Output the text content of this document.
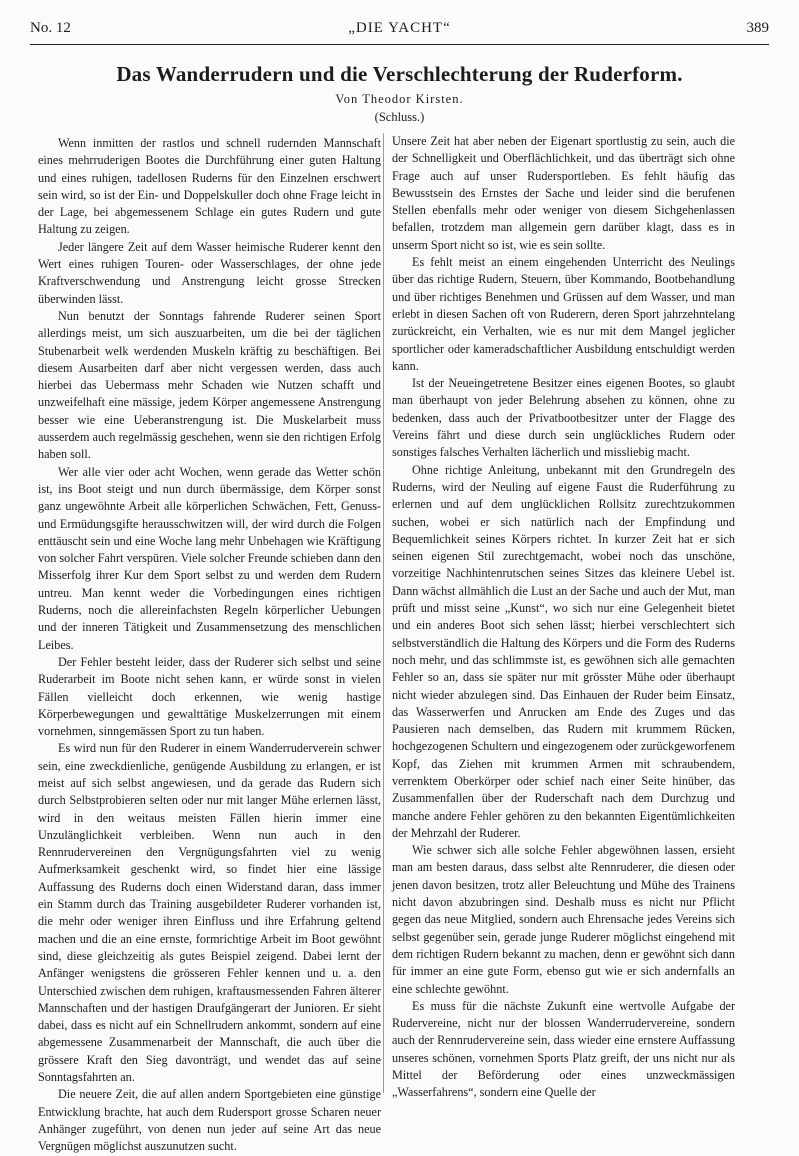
No. 12	„DIE YACHT“	389
Das Wanderrudern und die Verschlechterung der Ruderform.
Von Theodor Kirsten.
(Schluss.)

Wenn inmitten der rastlos und schnell rudernden Mannschaft eines mehrruderigen Bootes die Durchführung einer guten Haltung und eines ruhigen, tadellosen Ruderns für den Einzelnen erschwert sein wird, so ist der Ein- und Doppelskuller doch ohne Frage leicht in der Lage, bei abgemessenem Schlage ein gutes Rudern und gute Haltung zu zeigen.

Jeder längere Zeit auf dem Wasser heimische Ruderer kennt den Wert eines ruhigen Touren- oder Wasserschlages, der ohne jede Kraftverschwendung und Anstrengung leicht grosse Strecken überwinden lässt.

Nun benutzt der Sonntags fahrende Ruderer seinen Sport allerdings meist, um sich auszuarbeiten, um die bei der täglichen Stubenarbeit welk werdenden Muskeln kräftig zu beschäftigen. Bei diesem Ausarbeiten darf aber nicht vergessen werden, dass auch hierbei das Uebermass mehr Schaden wie Nutzen schafft und unzweifelhaft eine mässige, jedem Körper angemessene Anstrengung besser wie eine Ueberanstrengung ist. Die Muskelarbeit muss ausserdem auch regelmässig geschehen, wenn sie den richtigen Erfolg haben soll.

Wer alle vier oder acht Wochen, wenn gerade das Wetter schön ist, ins Boot steigt und nun durch übermässige, dem Körper sonst ganz ungewöhnte Arbeit alle körperlichen Schwächen, Fett, Genuss- und Ermüdungsgifte herausschwitzen will, der wird durch die Folgen enttäuscht sein und eine Woche lang mehr Unbehagen wie Kräftigung von solcher Fahrt verspüren. Viele solcher Freunde schieben dann den Misserfolg ihrer Kur dem Sport selbst zu und werden dem Rudern untreu. Man kennt weder die Vorbedingungen eines richtigen Ruderns, noch die allereinfachsten Regeln körperlicher Uebungen und der inneren Tätigkeit und Zusammensetzung des menschlichen Leibes.

Der Fehler besteht leider, dass der Ruderer sich selbst und seine Ruderarbeit im Boote nicht sehen kann, er würde sonst in vielen Fällen vielleicht doch erkennen, wie wenig hastige Körperbewegungen und gewalttätige Muskelzerrungen mit einem vornehmen, sinngemässen Sport zu tun haben.

Es wird nun für den Ruderer in einem Wanderruderverein schwer sein, eine zweckdienliche, genügende Ausbildung zu erlangen, er ist meist auf sich selbst angewiesen, und da gerade das Rudern sich durch Selbstprobieren selten oder nur mit langer Mühe erlernen lässt, wird in den weitaus meisten Fällen hierin immer eine Unzulänglichkeit verbleiben. Wenn nun auch in den Rennrudervereinen den Vergnügungsfahrten viel zu wenig Aufmerksamkeit geschenkt wird, so findet hier eine lässige Auffassung des Ruderns doch einen Widerstand daran, dass immer ein Stamm durch das Training ausgebildeter Ruderer vorhanden ist, die mehr oder weniger ihren Einfluss und ihre Erfahrung geltend machen und die an eine ernste, formrichtige Arbeit im Boot gewöhnt sind, diese gleichzeitig als gutes Beispiel zeigend. Dabei lernt der Anfänger wenigstens die grösseren Fehler kennen und u. a. den Unterschied zwischen dem ruhigen, kraftausmessenden Fahren älterer Mannschaften und der hastigen Draufgängerart der Junioren. Er sieht dabei, dass es nicht auf ein Schnellrudern ankommt, sondern auf eine abgemessene Zusammenarbeit der Mannschaft, die auch über die grössere Kraft den Sieg davonträgt, und wendet das auf seine Sonntagsfahrten an.

Die neuere Zeit, die auf allen andern Sportgebieten eine günstige Entwicklung brachte, hat auch dem Rudersport grosse Scharen neuer Anhänger zugeführt, von denen nun jeder auf seine Art das neue Vergnügen möglichst auszunutzen sucht.

Unsere Zeit hat aber neben der Eigenart sportlustig zu sein, auch die der Schnelligkeit und Oberflächlichkeit, und das überträgt sich ohne Frage auch auf unser Rudersportleben. Es fehlt häufig das Bewusstsein des Ernstes der Sache und leider sind die berufenen Stellen ebenfalls mehr oder weniger von diesem Sichgehenlassen befallen, trotzdem man allgemein gern darüber klagt, dass es in unserm Sport nicht so ist, wie es sein sollte.

Es fehlt meist an einem eingehenden Unterricht des Neulings über das richtige Rudern, Steuern, über Kommando, Bootbehandlung und über richtiges Benehmen und Grüssen auf dem Wasser, und man erlebt in diesen Sachen oft von Ruderern, deren Sport jahrzehntelang zurückreicht, ein Verhalten, wie es nur mit dem Mangel jeglicher sportlicher oder kameradschaftlicher Ausbildung entschuldigt werden kann.

Ist der Neueingetretene Besitzer eines eigenen Bootes, so glaubt man überhaupt von jeder Belehrung absehen zu können, ohne zu bedenken, dass auch der Privatbootbesitzer unter der Flagge des Vereins fährt und diese durch sein unglückliches Rudern oder sonstiges falsches Verhalten lächerlich und missliebig macht.

Ohne richtige Anleitung, unbekannt mit den Grundregeln des Ruderns, wird der Neuling auf eigene Faust die Ruderführung zu erlernen und auf dem unglücklichen Rollsitz zurechtzukommen suchen, wobei er sich natürlich nach der Empfindung und Bequemlichkeit seines Körpers richtet. In kurzer Zeit hat er sich seinen eigenen Stil zurechtgemacht, wobei noch das unschöne, vorzeitige Nachhintenrutschen seines Sitzes das kleinere Uebel ist. Dann wächst allmählich die Lust an der Sache und auch der Mut, man prüft und misst seine „Kunst“, wo sich nur eine Gelegenheit bietet und ein anderes Boot sich sehen lässt; hierbei verschlechtert sich selbstverständlich die Haltung des Körpers und die Form des Ruderns noch mehr, und das schlimmste ist, es gewöhnen sich alle gemachten Fehler so an, dass sie später nur mit grösster Mühe oder überhaupt nicht wieder abzulegen sind. Das Einhauen der Ruder beim Einsatz, das Wasserwerfen und Anrucken am Ende des Zuges und das Pausieren nach demselben, das Rudern mit krummem Rücken, hochgezogenen Schultern und eingezogenem oder zurückgeworfenem Kopf, das Ziehen mit krummen Armen mit schraubendem, verrenktem Oberkörper oder schief nach einer Seite hinüber, das Zusammenfallen über der Ruderschaft nach dem Durchzug und manche andere Fehler gehören zu den bekannten Eigentümlichkeiten der Mehrzahl der Ruderer.

Wie schwer sich alle solche Fehler abgewöhnen lassen, ersieht man am besten daraus, dass selbst alte Rennruderer, die diesen oder jenen davon besitzen, trotz aller Beleuchtung und Mühe des Trainens nicht davon abzubringen sind. Deshalb muss es nicht nur Pflicht gegen das neue Mitglied, sondern auch Ehrensache jedes Vereins sich selbst gegenüber sein, gerade junge Ruderer möglichst eingehend mit dem richtigen Rudern bekannt zu machen, denn er gewöhnt sich dann für immer an eine gute Form, ebenso gut wie er sich andernfalls an eine schlechte gewöhnt.

Es muss für die nächste Zukunft eine wertvolle Aufgabe der Rudervereine, nicht nur der blossen Wanderrudervereine, sondern auch der Rennrudervereine sein, dass wieder eine ernstere Auffassung unseres schönen, vornehmen Sports Platz greift, der uns nicht nur als Mittel der Beförderung oder eines unzweckmässigen „Wasserfahrens“, sondern eine Quelle der
